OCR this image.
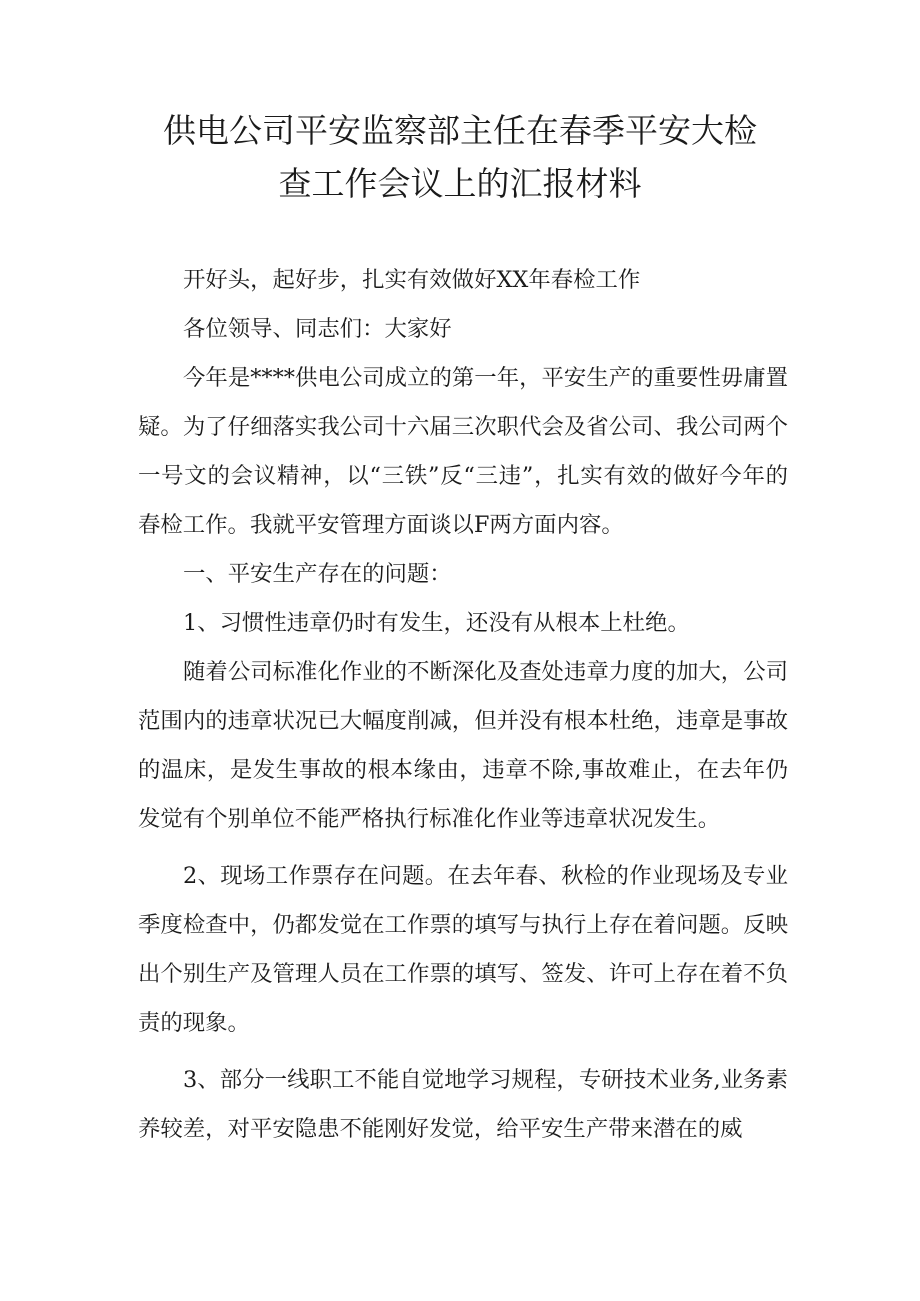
供电公司平安监察部主任在春季平安大检
查工作会议上的汇报材料

开好头，起好步，扎实有效做好XX年春检工作

各位领导、同志们：大家好

今年是****供电公司成立的第一年，平安生产的重要性毋庸置疑。为了仔细落实我公司十六届三次职代会及省公司、我公司两个一号文的会议精神，以“三铁”反“三违”，扎实有效的做好今年的春检工作。我就平安管理方面谈以F两方面内容。

一、平安生产存在的问题：

1、习惯性违章仍时有发生，还没有从根本上杜绝。

随着公司标准化作业的不断深化及查处违章力度的加大，公司范围内的违章状况已大幅度削减，但并没有根本杜绝，违章是事故的温床，是发生事故的根本缘由，违章不除,事故难止，在去年仍发觉有个别单位不能严格执行标准化作业等违章状况发生。

2、现场工作票存在问题。在去年春、秋检的作业现场及专业季度检查中，仍都发觉在工作票的填写与执行上存在着问题。反映出个别生产及管理人员在工作票的填写、签发、许可上存在着不负责的现象。

3、部分一线职工不能自觉地学习规程，专研技术业务,业务素养较差，对平安隐患不能刚好发觉，给平安生产带来潜在的威
